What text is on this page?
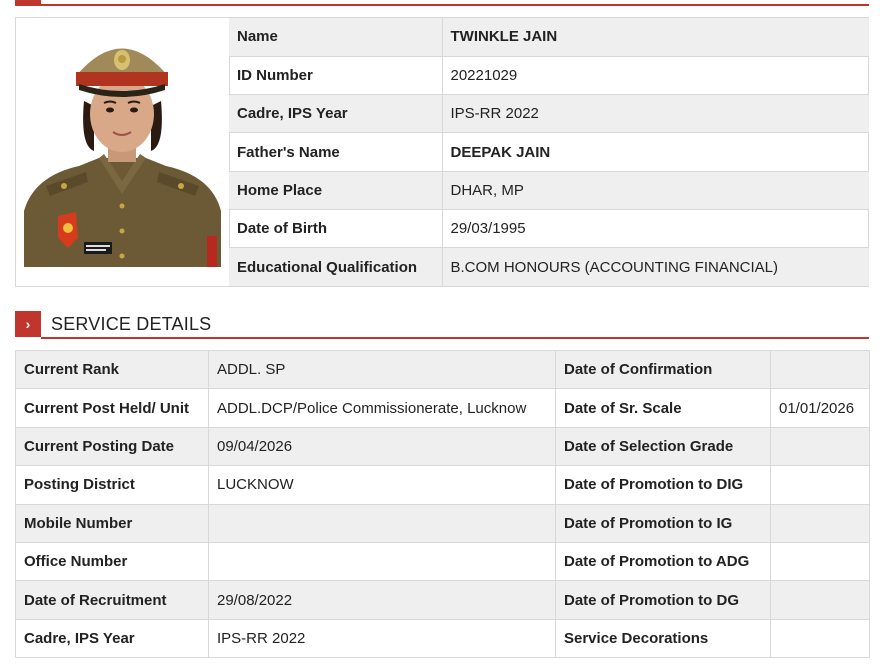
Name	TWINKLE JAIN
ID Number	20221029
Cadre, IPS Year	IPS-RR 2022
Father's Name	DEEPAK JAIN
Home Place	DHAR, MP
Date of Birth	29/03/1995
Educational Qualification	B.COM HONOURS (ACCOUNTING FINANCIAL)
›	SERVICE DETAILS
Current Rank	ADDL. SP	Date of Confirmation	
Current Post Held/ Unit	ADDL.DCP/Police Commissionerate, Lucknow	Date of Sr. Scale	01/01/2026
Current Posting Date	09/04/2026	Date of Selection Grade	
Posting District	LUCKNOW	Date of Promotion to DIG	
Mobile Number		Date of Promotion to IG	
Office Number		Date of Promotion to ADG	
Date of Recruitment	29/08/2022	Date of Promotion to DG	
Cadre, IPS Year	IPS-RR 2022	Service Decorations	
